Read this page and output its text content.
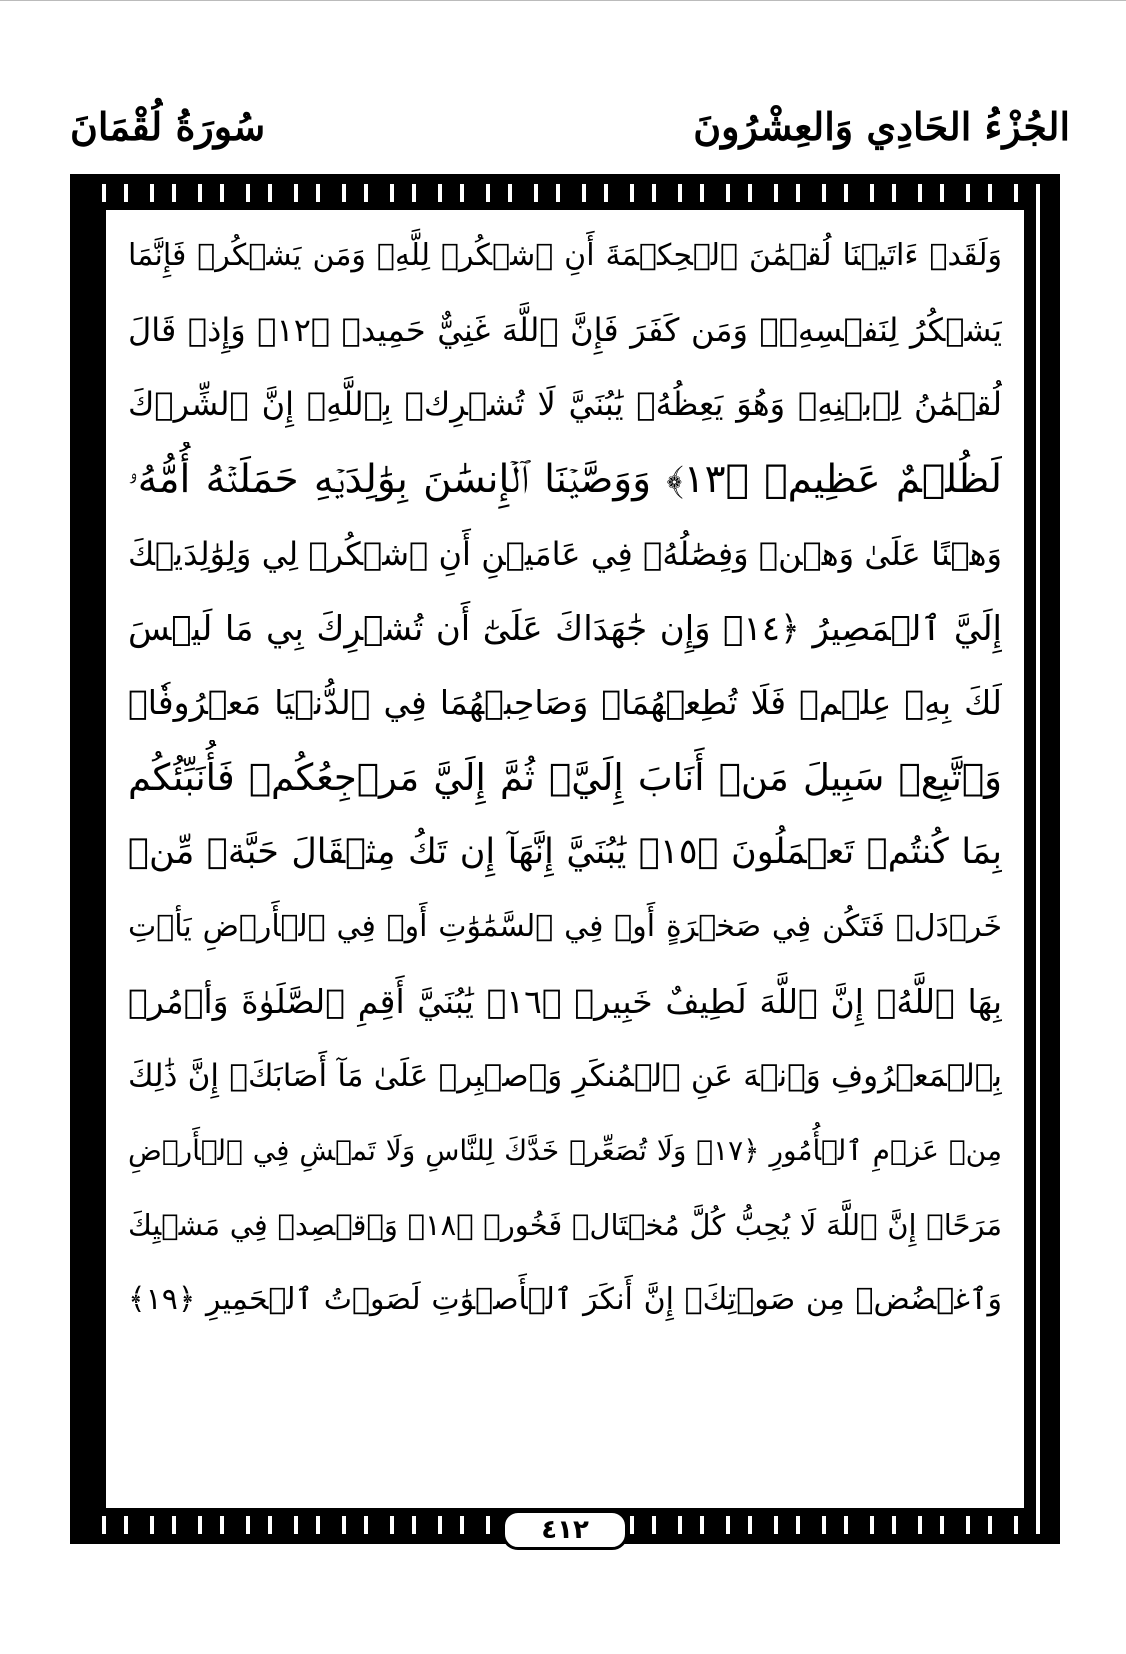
الجُزْءُ الحَادِي وَالعِشْرُونَ
سُورَةُ لُقْمَانَ
وَلَقَدۡ ءَاتَيۡنَا لُقۡمَٰنَ ٱلۡحِكۡمَةَ أَنِ ٱشۡكُرۡ لِلَّهِۚ وَمَن يَشۡكُرۡ فَإِنَّمَا
يَشۡكُرُ لِنَفۡسِهِۦۖ وَمَن كَفَرَ فَإِنَّ ٱللَّهَ غَنِيٌّ حَمِيدٞ ﴿١٢﴾ وَإِذۡ قَالَ
لُقۡمَٰنُ لِٱبۡنِهِۦ وَهُوَ يَعِظُهُۥ يَٰبُنَيَّ لَا تُشۡرِكۡ بِٱللَّهِۖ إِنَّ ٱلشِّرۡكَ
لَظُلۡمٌ عَظِيمٞ ﴿١٣﴾ وَوَصَّيۡنَا ٱلۡإِنسَٰنَ بِوَٰلِدَيۡهِ حَمَلَتۡهُ أُمُّهُۥ
وَهۡنًا عَلَىٰ وَهۡنٖ وَفِصَٰلُهُۥ فِي عَامَيۡنِ أَنِ ٱشۡكُرۡ لِي وَلِوَٰلِدَيۡكَ
إِلَيَّ ٱلۡمَصِيرُ ﴿١٤﴾ وَإِن جَٰهَدَاكَ عَلَىٰٓ أَن تُشۡرِكَ بِي مَا لَيۡسَ
لَكَ بِهِۦ عِلۡمٞ فَلَا تُطِعۡهُمَاۖ وَصَاحِبۡهُمَا فِي ٱلدُّنۡيَا مَعۡرُوفٗاۖ
وَٱتَّبِعۡ سَبِيلَ مَنۡ أَنَابَ إِلَيَّۚ ثُمَّ إِلَيَّ مَرۡجِعُكُمۡ فَأُنَبِّئُكُم
بِمَا كُنتُمۡ تَعۡمَلُونَ ﴿١٥﴾ يَٰبُنَيَّ إِنَّهَآ إِن تَكُ مِثۡقَالَ حَبَّةٖ مِّنۡ
خَرۡدَلٖ فَتَكُن فِي صَخۡرَةٍ أَوۡ فِي ٱلسَّمَٰوَٰتِ أَوۡ فِي ٱلۡأَرۡضِ يَأۡتِ
بِهَا ٱللَّهُۚ إِنَّ ٱللَّهَ لَطِيفٌ خَبِيرٞ ﴿١٦﴾ يَٰبُنَيَّ أَقِمِ ٱلصَّلَوٰةَ وَأۡمُرۡ
بِٱلۡمَعۡرُوفِ وَٱنۡهَ عَنِ ٱلۡمُنكَرِ وَٱصۡبِرۡ عَلَىٰ مَآ أَصَابَكَۖ إِنَّ ذَٰلِكَ
مِنۡ عَزۡمِ ٱلۡأُمُورِ ﴿١٧﴾ وَلَا تُصَعِّرۡ خَدَّكَ لِلنَّاسِ وَلَا تَمۡشِ فِي ٱلۡأَرۡضِ
مَرَحًاۖ إِنَّ ٱللَّهَ لَا يُحِبُّ كُلَّ مُخۡتَالٖ فَخُورٖ ﴿١٨﴾ وَٱقۡصِدۡ فِي مَشۡيِكَ
وَٱغۡضُضۡ مِن صَوۡتِكَۚ إِنَّ أَنكَرَ ٱلۡأَصۡوَٰتِ لَصَوۡتُ ٱلۡحَمِيرِ ﴿١٩﴾
٤١٢
